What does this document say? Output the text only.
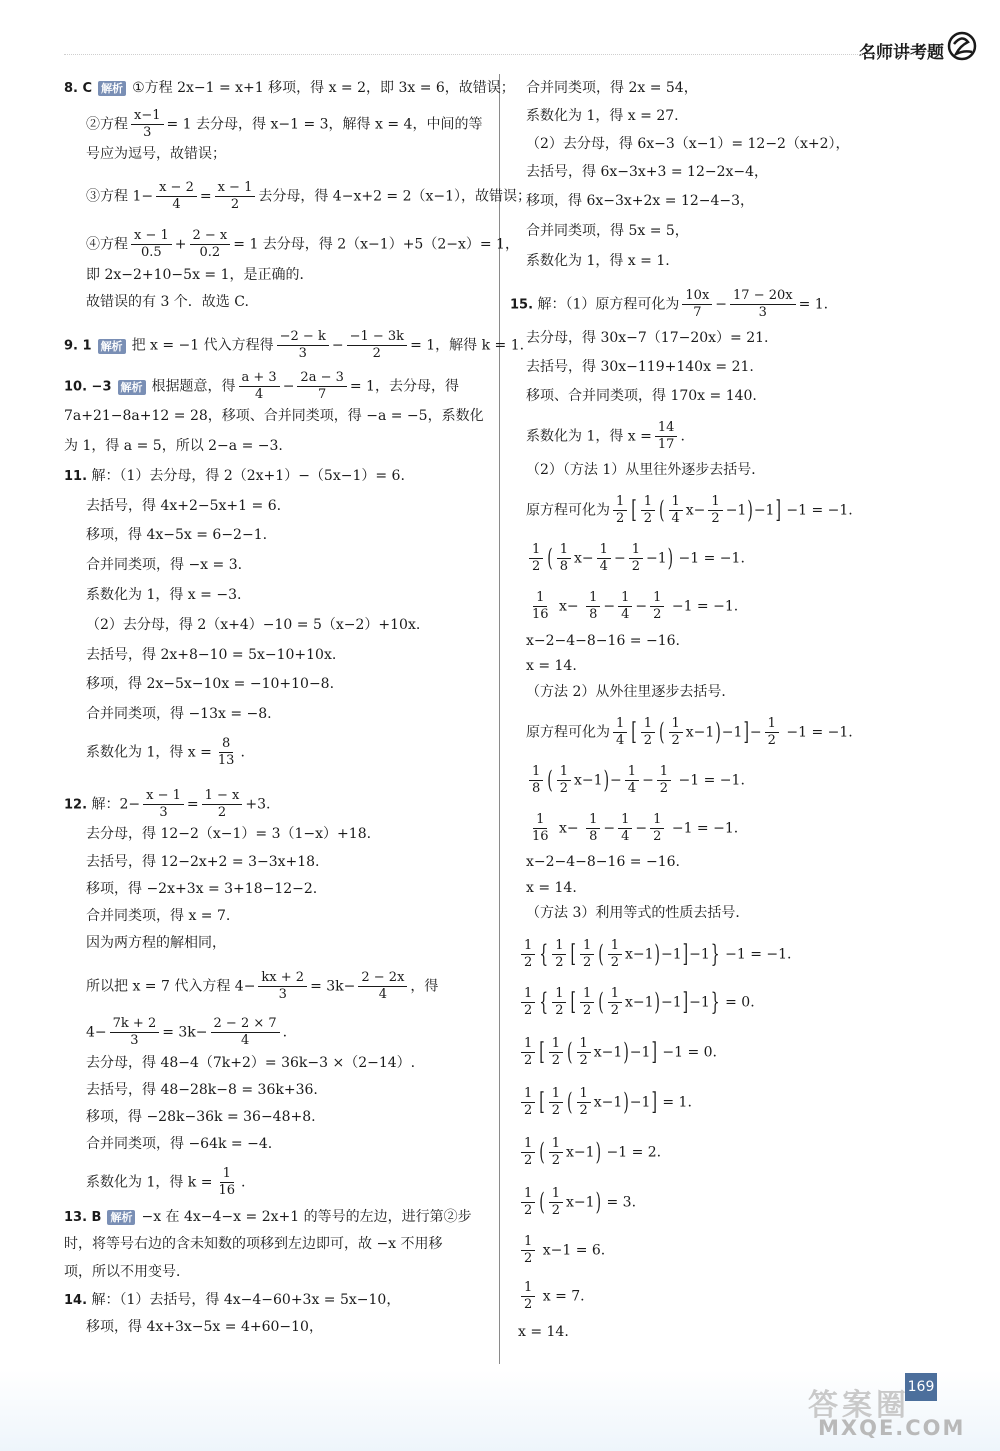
名师讲考题
8. C 解析 ①方程 2x−1 = x+1 移项，得 x = 2，即 3x = 6，故错误；
②方程 $\frac{x-1}{3} = 1$ 去分母，得 x−1 = 3，解得 x = 4，中间的等
号应为逗号，故错误；
③方程 $1- \frac{x - 2}{4} = \frac{x - 1}{2}$ 去分母，得 4−x+2 = 2（x−1），故错误；
④方程 $\frac{x - 1}{0.5} + \frac{2 - x}{0.2} = 1$ 去分母，得 2（x−1）+5（2−x）= 1，
即 2x−2+10−5x = 1，是正确的．
故错误的有 3 个．故选 C.
9. 1 解析 把 x = −1 代入方程得 $\frac{-2 - k}{3} - \frac{-1 - 3k}{2} = 1$，解得 k = 1.
10. −3 解析 根据题意，得 $\frac{a + 3}{4} - \frac{2a - 3}{7} = 1$，去分母，得
7a+21−8a+12 = 28，移项、合并同类项，得 −a = −5，系数化
为 1，得 a = 5，所以 2−a = −3.
11. 解：（1）去分母，得 2（2x+1）−（5x−1）= 6.
去括号，得 4x+2−5x+1 = 6.
移项，得 4x−5x = 6−2−1.
合并同类项，得 −x = 3.
系数化为 1，得 x = −3.
（2）去分母，得 2（x+4）−10 = 5（x−2）+10x.
去括号，得 2x+8−10 = 5x−10+10x.
移项，得 2x−5x−10x = −10+10−8.
合并同类项，得 −13x = −8.
系数化为 1，得 $x = \frac{8}{13}$ .
12. 解：$2- \frac{x - 1}{3} = \frac{1 - x}{2} +3$.
去分母，得 12−2（x−1）= 3（1−x）+18.
去括号，得 12−2x+2 = 3−3x+18.
移项，得 −2x+3x = 3+18−12−2.
合并同类项，得 x = 7.
因为两方程的解相同，
所以把 x = 7 代入方程 $4- \frac{kx + 2}{3} = 3k- \frac{2 - 2x}{4}$ ，得
$4- \frac{7k + 2}{3} = 3k- \frac{2 - 2 \times 7}{4}$ .
去分母，得 48−4（7k+2）= 36k−3 ×（2−14）.
去括号，得 48−28k−8 = 36k+36.
移项，得 −28k−36k = 36−48+8.
合并同类项，得 −64k = −4.
系数化为 1，得 $k = \frac{1}{16}$ .
13. B 解析 −x 在 4x−4−x = 2x+1 的等号的左边，进行第②步
时，将等号右边的含未知数的项移到左边即可，故 −x 不用移
项，所以不用变号．
14. 解：（1）去括号，得 4x−4−60+3x = 5x−10，
移项，得 4x+3x−5x = 4+60−10，
合并同类项，得 2x = 54，
系数化为 1，得 x = 27.
（2）去分母，得 6x−3（x−1）= 12−2（x+2），
去括号，得 6x−3x+3 = 12−2x−4，
移项，得 6x−3x+2x = 12−4−3，
合并同类项，得 5x = 5，
系数化为 1，得 x = 1.
15. 解：（1）原方程可化为 $\frac{10x}{7} - \frac{17 - 20x}{3} = 1$.
去分母，得 30x−7（17−20x）= 21.
去括号，得 30x−119+140x = 21.
移项、合并同类项，得 170x = 140.
系数化为 1，得 $x = \frac{14}{17}$ .
（2）（方法 1）从里往外逐步去括号．
原方程可化为 $\frac{1}{2}$ [ $\frac{1}{2}$ ( $\frac{1}{4} x- \frac{1}{2} -1)-1] -1 = -1$.
$\frac{1}{2}$ ( $\frac{1}{8} x- \frac{1}{4} - \frac{1}{2} -1) -1 = -1$.
$\frac{1}{16} x- \frac{1}{8} - \frac{1}{4} - \frac{1}{2} -1 = -1$.
x−2−4−8−16 = −16.
x = 14.
（方法 2）从外往里逐步去括号．
原方程可化为 $\frac{1}{4}$ [ $\frac{1}{2}$ ( $\frac{1}{2} x-1)-1]- \frac{1}{2} -1 = -1$.
$\frac{1}{8}$ ( $\frac{1}{2} x-1)- \frac{1}{4} - \frac{1}{2} -1 = -1$.
$\frac{1}{16} x- \frac{1}{8} - \frac{1}{4} - \frac{1}{2} -1 = -1$.
x−2−4−8−16 = −16.
x = 14.
（方法 3）利用等式的性质去括号．
$\frac{1}{2}$ { $\frac{1}{2}$ [ $\frac{1}{2}$ ( $\frac{1}{2} x-1)-1]-1\} -1 = -1$.
$\frac{1}{2}$ { $\frac{1}{2}$ [ $\frac{1}{2}$ ( $\frac{1}{2} x-1)-1]-1\} = 0$.
$\frac{1}{2}$ [ $\frac{1}{2}$ ( $\frac{1}{2} x-1)-1] -1 = 0$.
$\frac{1}{2}$ [ $\frac{1}{2}$ ( $\frac{1}{2} x-1)-1] = 1$.
$\frac{1}{2}$ ( $\frac{1}{2} x-1) -1 = 2$.
$\frac{1}{2}$ ( $\frac{1}{2} x-1) = 3$.
$\frac{1}{2} x-1 = 6$.
$\frac{1}{2}$ x = 7.
x = 14.
169
答案圈
MXQE.COM
